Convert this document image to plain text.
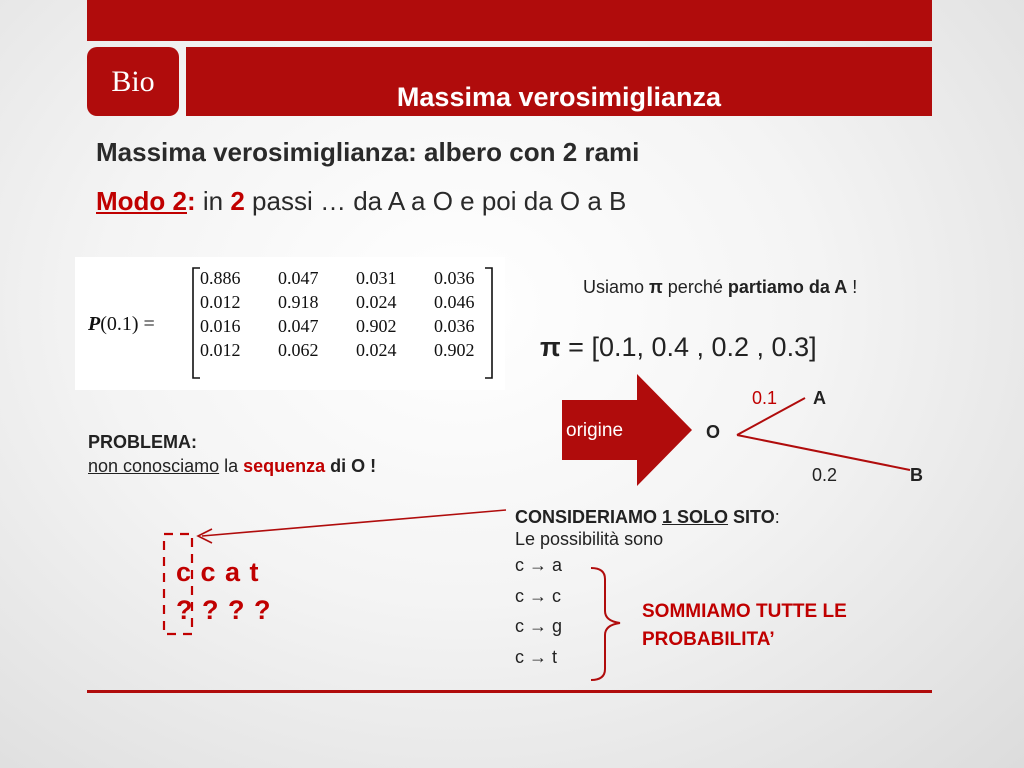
Bio	Massima verosimiglianza
Massima verosimiglianza: albero con 2 rami
Modo 2: in 2 passi … da A a O e poi da O a B
P(0.1) =
0.886	0.047	0.031	0.036
0.012	0.918	0.024	0.046
0.016	0.047	0.902	0.036
0.012	0.062	0.024	0.902
Usiamo π perché partiamo da A !
π = [0.1, 0.4 , 0.2 , 0.3]
origine	O
A
B
0.1
0.2
PROBLEMA:
non conosciamo la sequenza di O !
CONSIDERIAMO 1 SOLO SITO:
Le possibilità sono
c → a
c → c
c → g
c → t
SOMMIAMO TUTTE LE
PROBABILITA’
c c a t
? ? ? ?
